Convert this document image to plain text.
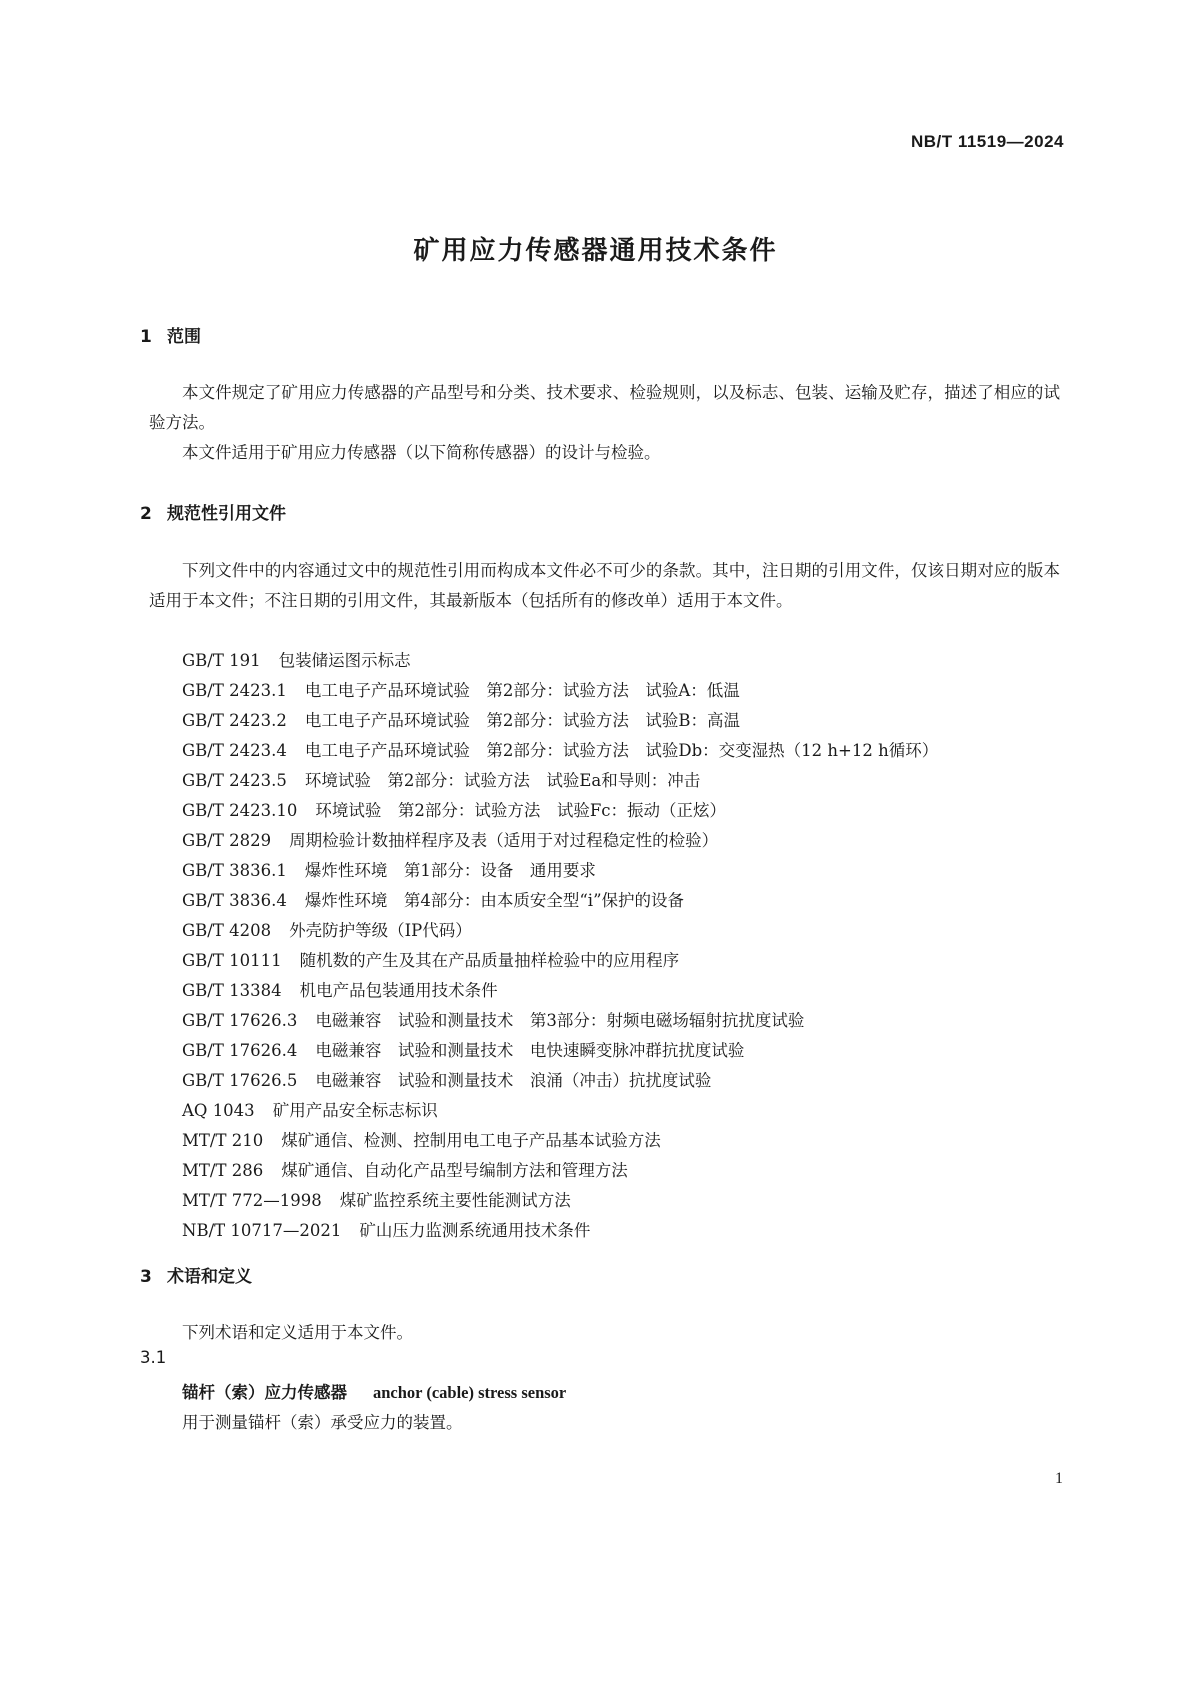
NB/T 11519—2024
矿用应力传感器通用技术条件
1 范围

本文件规定了矿用应力传感器的产品型号和分类、技术要求、检验规则，以及标志、包装、运输及贮存，描述了相应的试验方法。

本文件适用于矿用应力传感器（以下简称传感器）的设计与检验。

2 规范性引用文件

下列文件中的内容通过文中的规范性引用而构成本文件必不可少的条款。其中，注日期的引用文件，仅该日期对应的版本适用于本文件；不注日期的引用文件，其最新版本（包括所有的修改单）适用于本文件。

GB/T 191 包装储运图示标志
GB/T 2423.1 电工电子产品环境试验　第2部分：试验方法　试验A：低温
GB/T 2423.2 电工电子产品环境试验　第2部分：试验方法　试验B：高温
GB/T 2423.4 电工电子产品环境试验　第2部分：试验方法　试验Db：交变湿热（12 h+12 h循环）
GB/T 2423.5 环境试验　第2部分：试验方法　试验Ea和导则：冲击
GB/T 2423.10 环境试验　第2部分：试验方法　试验Fc：振动（正炫）
GB/T 2829 周期检验计数抽样程序及表（适用于对过程稳定性的检验）
GB/T 3836.1 爆炸性环境　第1部分：设备　通用要求
GB/T 3836.4 爆炸性环境　第4部分：由本质安全型“i”保护的设备
GB/T 4208 外壳防护等级（IP代码）
GB/T 10111 随机数的产生及其在产品质量抽样检验中的应用程序
GB/T 13384 机电产品包装通用技术条件
GB/T 17626.3 电磁兼容　试验和测量技术　第3部分：射频电磁场辐射抗扰度试验
GB/T 17626.4 电磁兼容　试验和测量技术　电快速瞬变脉冲群抗扰度试验
GB/T 17626.5 电磁兼容　试验和测量技术　浪涌（冲击）抗扰度试验
AQ 1043 矿用产品安全标志标识
MT/T 210 煤矿通信、检测、控制用电工电子产品基本试验方法
MT/T 286 煤矿通信、自动化产品型号编制方法和管理方法
MT/T 772—1998 煤矿监控系统主要性能测试方法
NB/T 10717—2021 矿山压力监测系统通用技术条件
3 术语和定义

下列术语和定义适用于本文件。

3.1

锚杆（索）应力传感器 anchor (cable) stress sensor

用于测量锚杆（索）承受应力的装置。

1
